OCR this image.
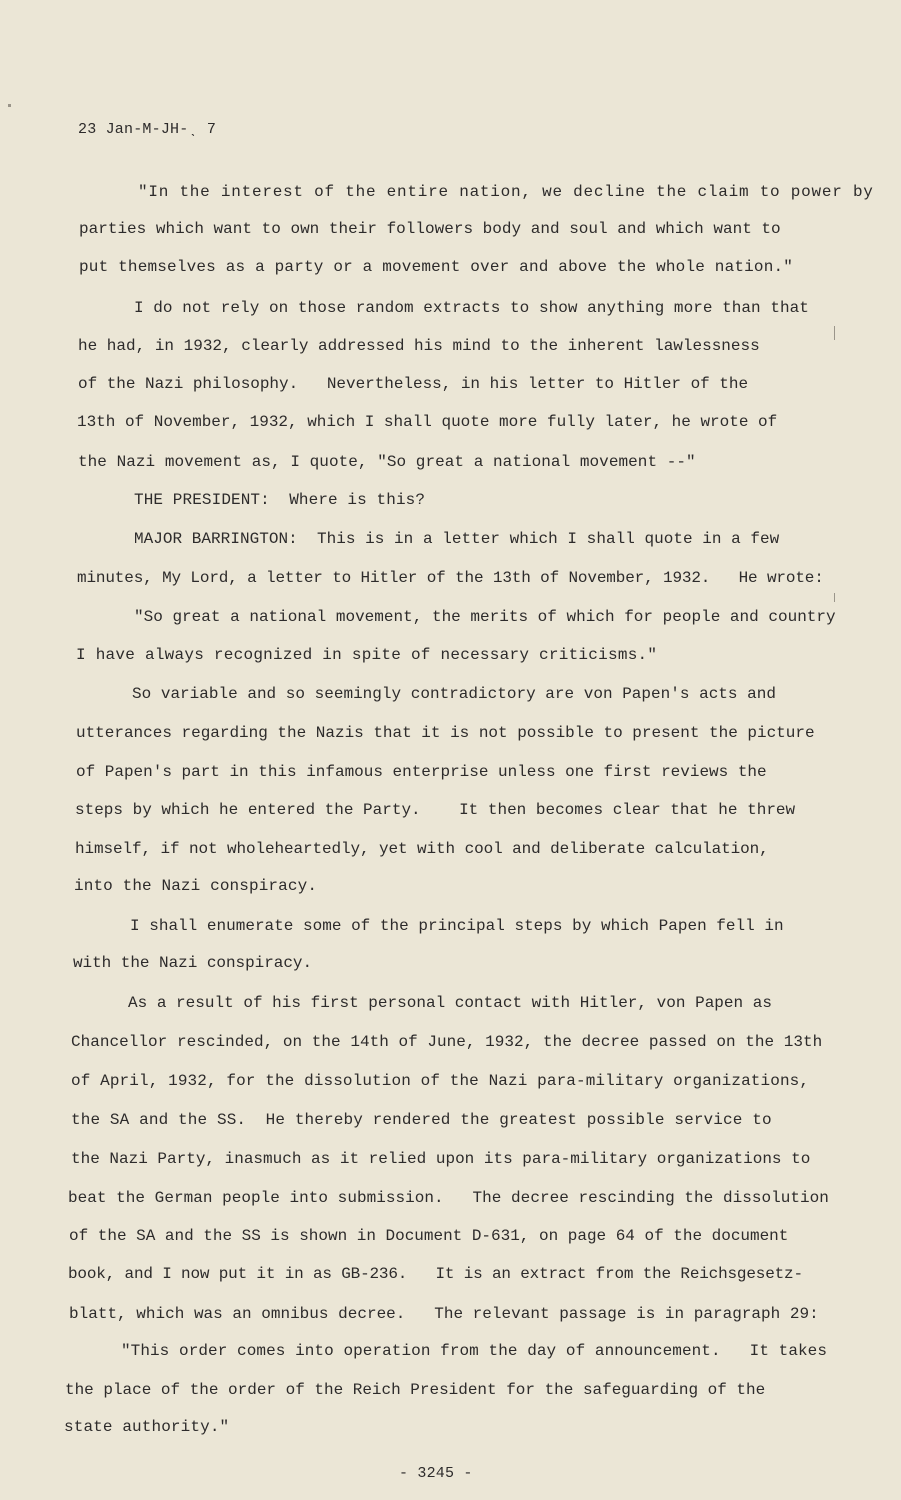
23 Jan-M-JH-ˎ 7
"In the interest of the entire nation, we decline the claim to power by
parties which want to own their followers body and soul and which want to
put themselves as a party or a movement over and above the whole nation."
I do not rely on those random extracts to show anything more than that
he had, in 1932, clearly addressed his mind to the inherent lawlessness
of the Nazi philosophy.   Nevertheless, in his letter to Hitler of the
13th of November, 1932, which I shall quote more fully later, he wrote of
the Nazi movement as, I quote, "So great a national movement --"
THE PRESIDENT:  Where is this?
MAJOR BARRINGTON:  This is in a letter which I shall quote in a few
minutes, My Lord, a letter to Hitler of the 13th of November, 1932.   He wrote:
"So great a national movement, the merits of which for people and country
I have always recognized in spite of necessary criticisms."
So variable and so seemingly contradictory are von Papen's acts and
utterances regarding the Nazis that it is not possible to present the picture
of Papen's part in this infamous enterprise unless one first reviews the
steps by which he entered the Party.    It then becomes clear that he threw
himself, if not wholeheartedly, yet with cool and deliberate calculation,
into the Nazi conspiracy.
I shall enumerate some of the principal steps by which Papen fell in
with the Nazi conspiracy.
As a result of his first personal contact with Hitler, von Papen as
Chancellor rescinded, on the 14th of June, 1932, the decree passed on the 13th
of April, 1932, for the dissolution of the Nazi para-military organizations,
the SA and the SS.  He thereby rendered the greatest possible service to
the Nazi Party, inasmuch as it relied upon its para-military organizations to
beat the German people into submission.   The decree rescinding the dissolution
of the SA and the SS is shown in Document D-631, on page 64 of the document
book, and I now put it in as GB-236.   It is an extract from the Reichsgesetz-
blatt, which was an omnibus decree.   The relevant passage is in paragraph 29:
"This order comes into operation from the day of announcement.   It takes
the place of the order of the Reich President for the safeguarding of the
state authority."
- 3245 -
